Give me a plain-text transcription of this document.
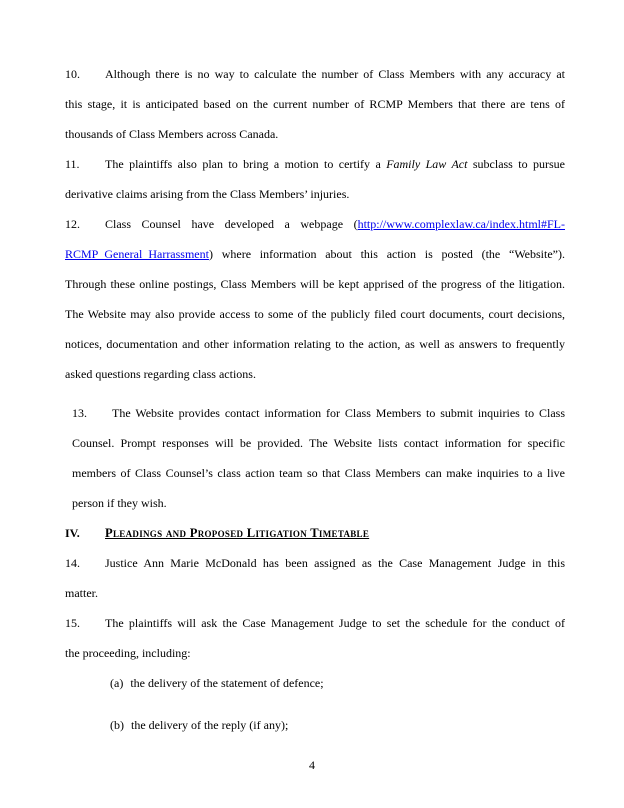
10. Although there is no way to calculate the number of Class Members with any accuracy at
this stage, it is anticipated based on the current number of RCMP Members that there are tens of
thousands of Class Members across Canada.
11. The plaintiffs also plan to bring a motion to certify a Family Law Act subclass to pursue
derivative claims arising from the Class Members’ injuries.
12. Class Counsel have developed a webpage (http://www.complexlaw.ca/index.html#FL-
RCMP_General_Harrassment) where information about this action is posted (the “Website”).
Through these online postings, Class Members will be kept apprised of the progress of the litigation.
The Website may also provide access to some of the publicly filed court documents, court decisions,
notices, documentation and other information relating to the action, as well as answers to frequently
asked questions regarding class actions.
13. The Website provides contact information for Class Members to submit inquiries to Class
Counsel. Prompt responses will be provided. The Website lists contact information for specific
members of Class Counsel’s class action team so that Class Members can make inquiries to a live
person if they wish.
IV. Pleadings and Proposed Litigation Timetable
14. Justice Ann Marie McDonald has been assigned as the Case Management Judge in this
matter.
15. The plaintiffs will ask the Case Management Judge to set the schedule for the conduct of
the proceeding, including:
(a) the delivery of the statement of defence;
(b) the delivery of the reply (if any);
4
